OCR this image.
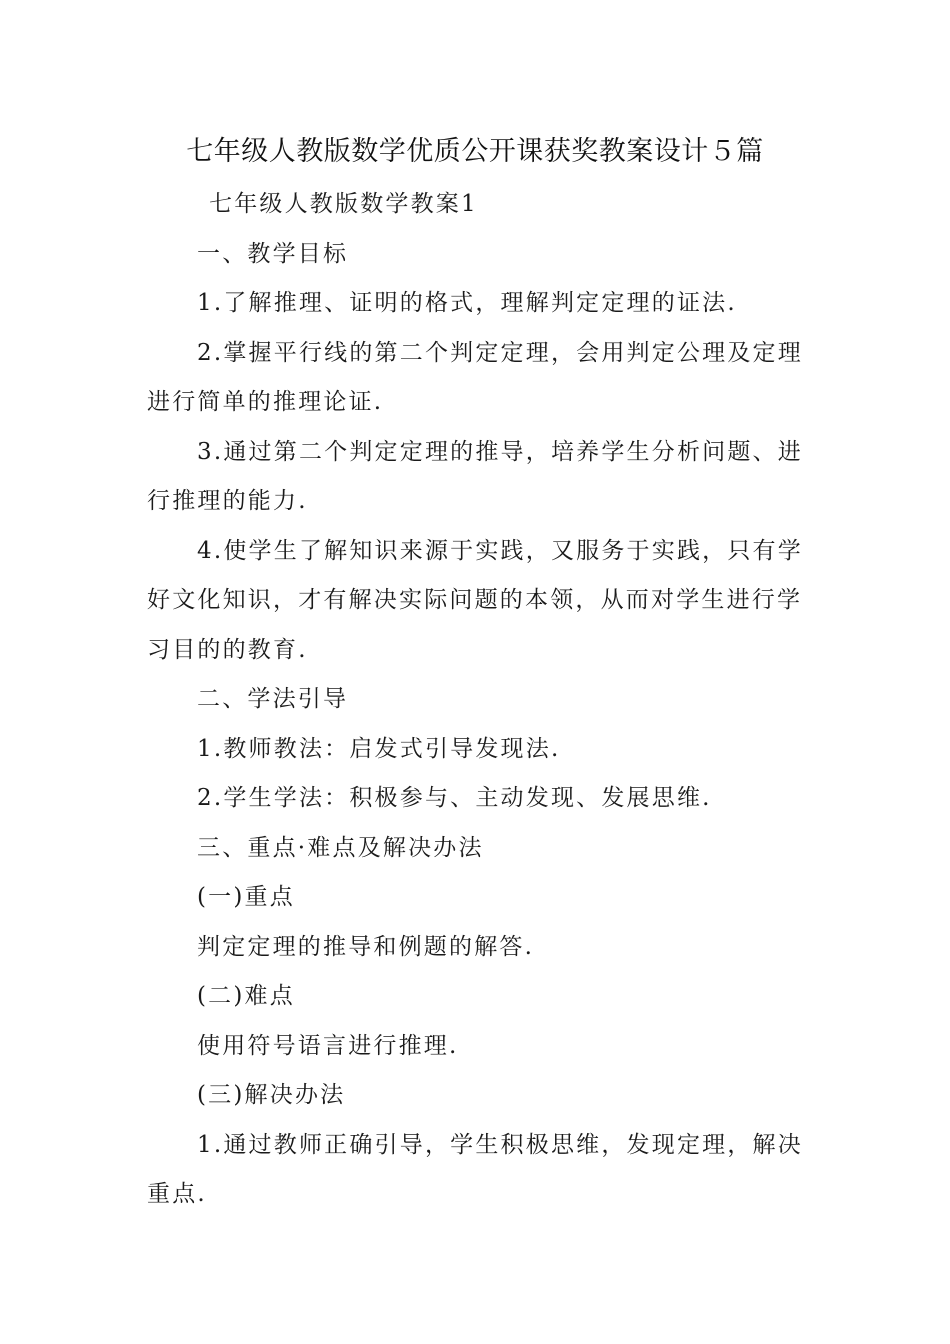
七年级人教版数学优质公开课获奖教案设计５篇

七年级人教版数学教案1

一、教学目标

1.了解推理、证明的格式，理解判定定理的证法.

2.掌握平行线的第二个判定定理，会用判定公理及定理进行简单的推理论证.

3.通过第二个判定定理的推导，培养学生分析问题、进行推理的能力.

4.使学生了解知识来源于实践，又服务于实践，只有学好文化知识，才有解决实际问题的本领，从而对学生进行学习目的的教育.

二、学法引导

1.教师教法：启发式引导发现法.

2.学生学法：积极参与、主动发现、发展思维.

三、重点·难点及解决办法

(一)重点

判定定理的推导和例题的解答.

(二)难点

使用符号语言进行推理.

(三)解决办法

1.通过教师正确引导，学生积极思维，发现定理，解决重点.
